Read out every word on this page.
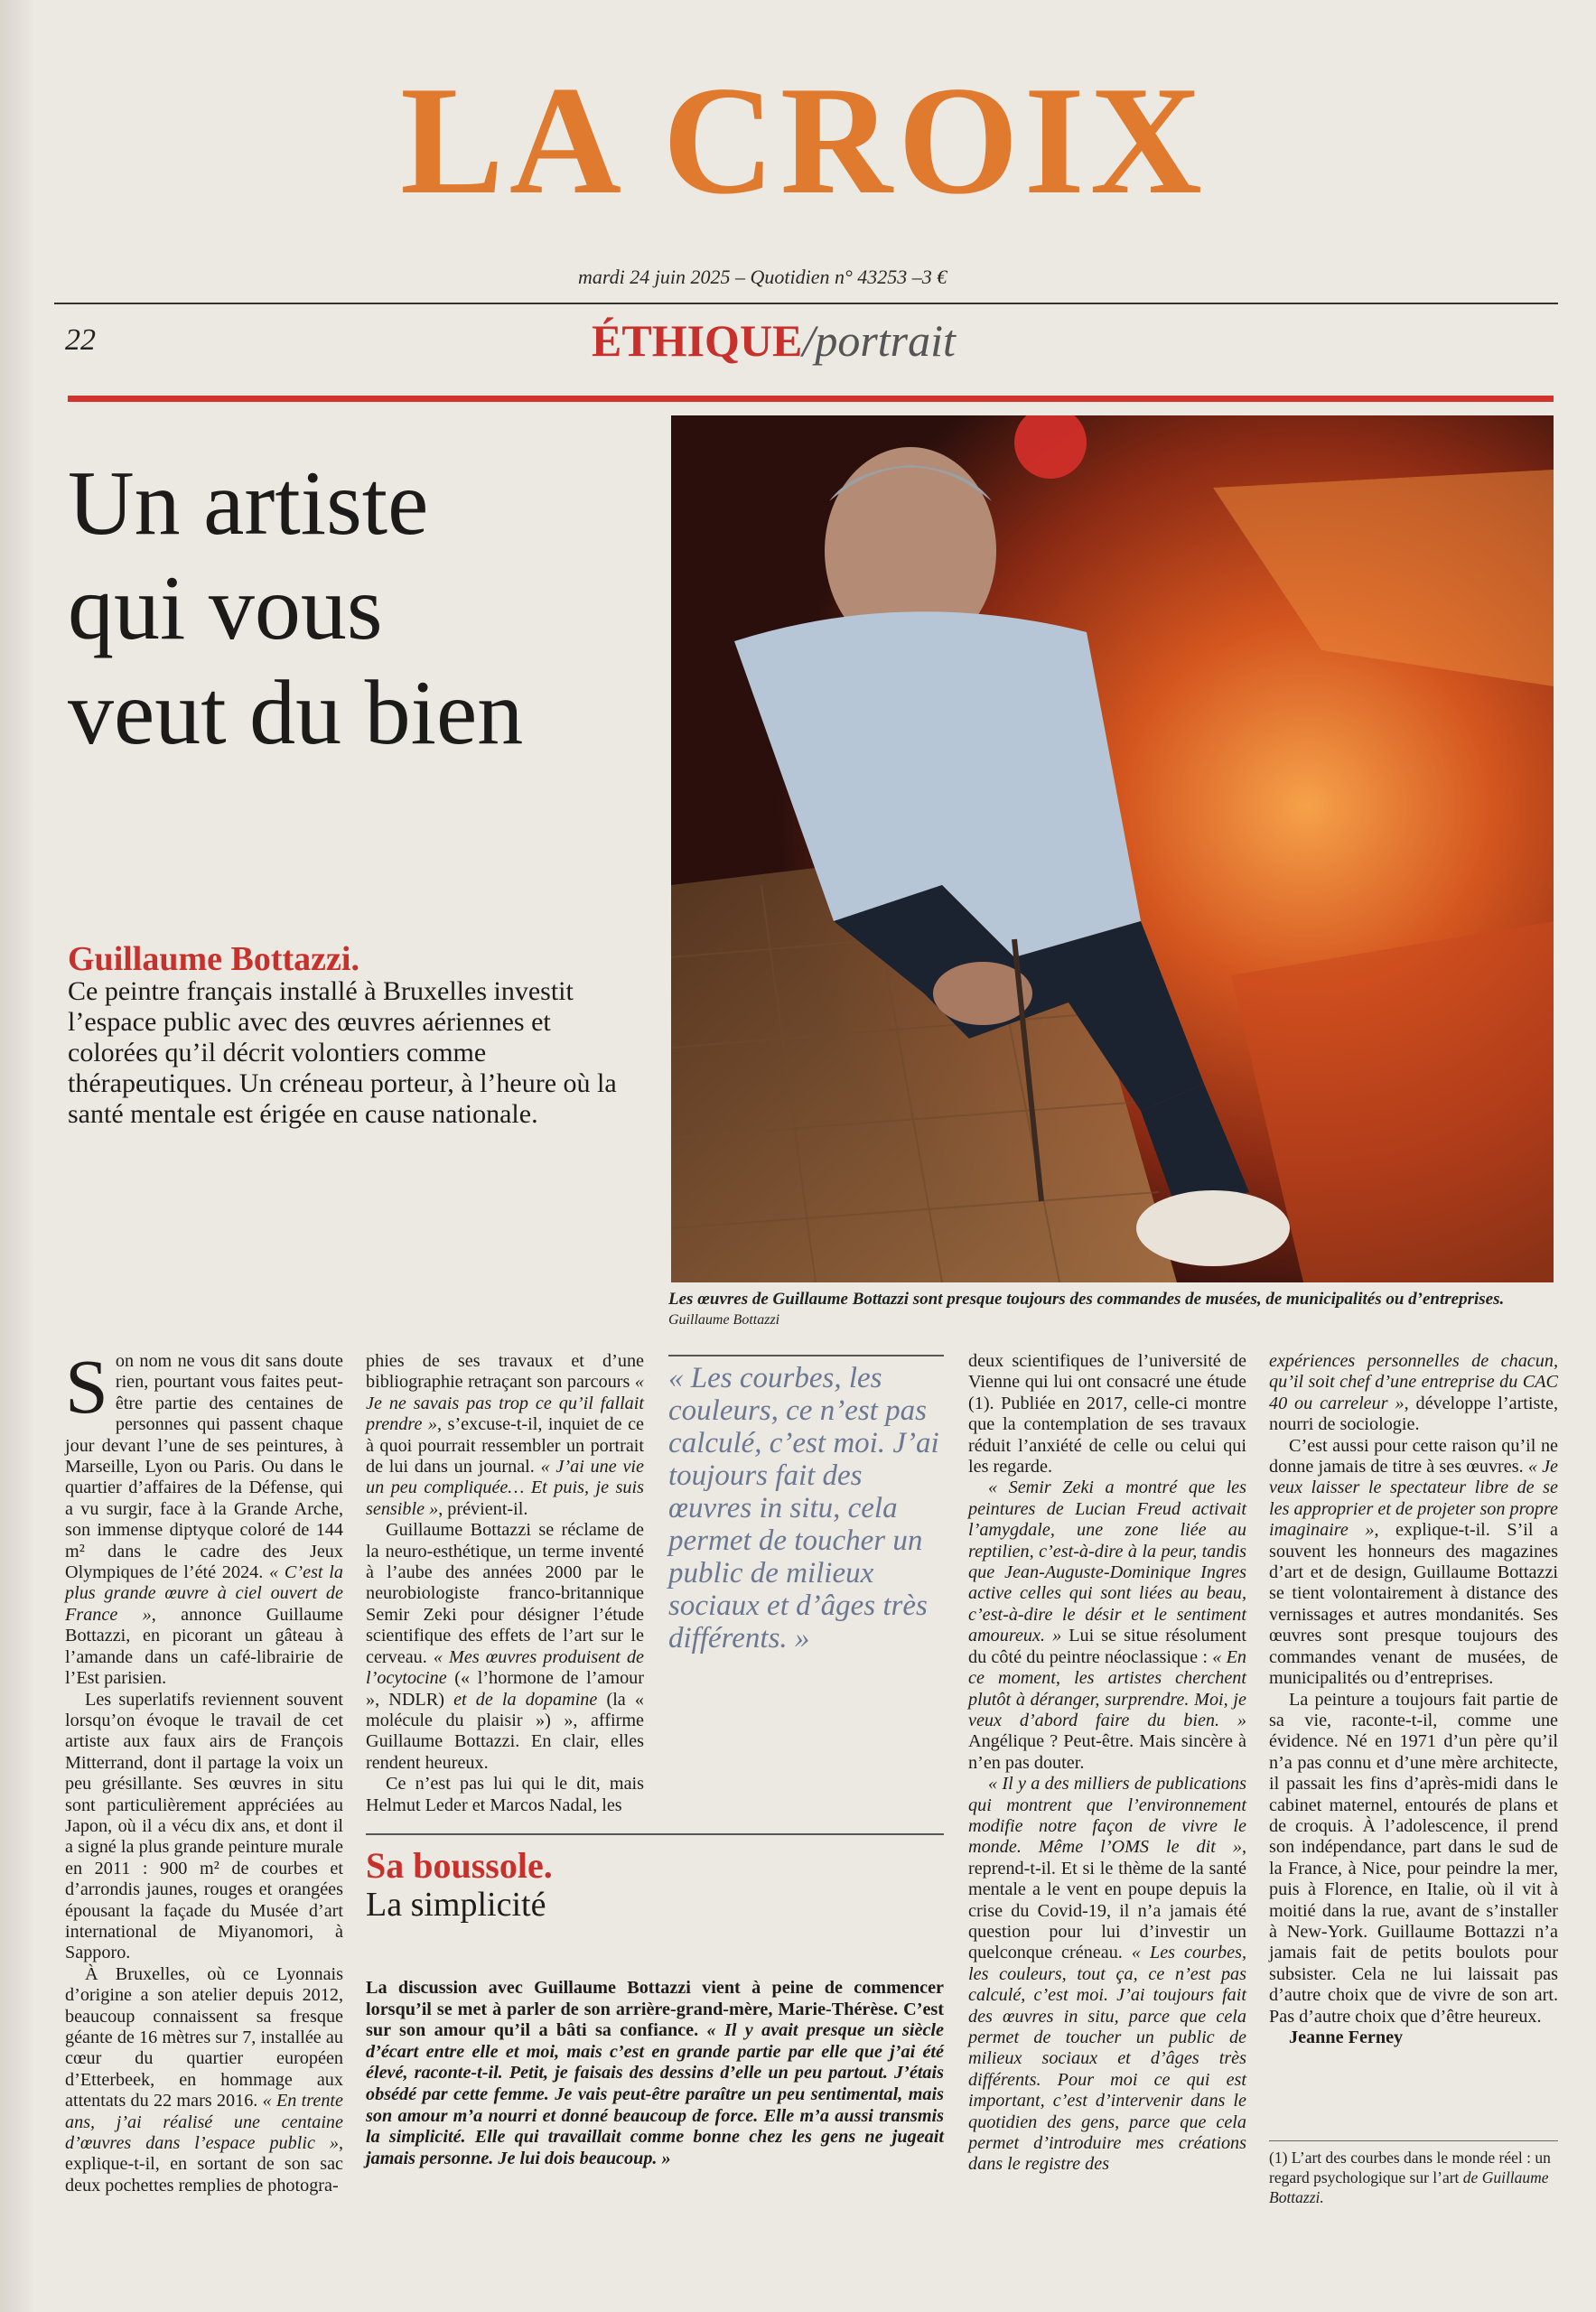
LA CROIX
mardi 24 juin 2025 – Quotidien n° 43253 –3 €
22	ÉTHIQUE/portrait
Un artiste
qui vous
veut du bien
Guillaume Bottazzi.
Ce peintre français installé à Bruxelles investit l’espace public avec des œuvres aériennes et colorées qu’il décrit volontiers comme thérapeutiques. Un créneau porteur, à l’heure où la santé mentale est érigée en cause nationale.
Les œuvres de Guillaume Bottazzi sont presque toujours des commandes de musées, de municipalités ou d’entreprises. Guillaume Bottazzi

Son nom ne vous dit sans doute rien, pourtant vous faites peut-être partie des centaines de personnes qui passent chaque jour devant l’une de ses peintures, à Marseille, Lyon ou Paris. Ou dans le quartier d’affaires de la Défense, qui a vu surgir, face à la Grande Arche, son immense diptyque coloré de 144 m² dans le cadre des Jeux Olympiques de l’été 2024. « C’est la plus grande œuvre à ciel ouvert de France », annonce Guillaume Bottazzi, en picorant un gâteau à l’amande dans un café-librairie de l’Est parisien.

Les superlatifs reviennent souvent lorsqu’on évoque le travail de cet artiste aux faux airs de François Mitterrand, dont il partage la voix un peu grésillante. Ses œuvres in situ sont particulièrement appréciées au Japon, où il a vécu dix ans, et dont il a signé la plus grande peinture murale en 2011 : 900 m² de courbes et d’arrondis jaunes, rouges et orangées épousant la façade du Musée d’art international de Miyanomori, à Sapporo.

À Bruxelles, où ce Lyonnais d’origine a son atelier depuis 2012, beaucoup connaissent sa fresque géante de 16 mètres sur 7, installée au cœur du quartier européen d’Etterbeek, en hommage aux attentats du 22 mars 2016. « En trente ans, j’ai réalisé une centaine d’œuvres dans l’espace public », explique-t-il, en sortant de son sac deux pochettes remplies de photogra-

phies de ses travaux et d’une bibliographie retraçant son parcours « Je ne savais pas trop ce qu’il fallait prendre », s’excuse-t-il, inquiet de ce à quoi pourrait ressembler un portrait de lui dans un journal. « J’ai une vie un peu compliquée… Et puis, je suis sensible », prévient-il.

Guillaume Bottazzi se réclame de la neuro-esthétique, un terme inventé à l’aube des années 2000 par le neurobiologiste franco-britannique Semir Zeki pour désigner l’étude scientifique des effets de l’art sur le cerveau. « Mes œuvres produisent de l’ocytocine (« l’hormone de l’amour », NDLR) et de la dopamine (la « molécule du plaisir ») », affirme Guillaume Bottazzi. En clair, elles rendent heureux.

Ce n’est pas lui qui le dit, mais Helmut Leder et Marcos Nadal, les

« Les courbes, les couleurs, ce n’est pas calculé, c’est moi. J’ai toujours fait des œuvres in situ, cela permet de toucher un public de milieux sociaux et d’âges très différents. »
Sa boussole.
La simplicité
La discussion avec Guillaume Bottazzi vient à peine de commencer lorsqu’il se met à parler de son arrière-grand-mère, Marie-Thérèse. C’est sur son amour qu’il a bâti sa confiance. « Il y avait presque un siècle d’écart entre elle et moi, mais c’est en grande partie par elle que j’ai été élevé, raconte-t-il. Petit, je faisais des dessins d’elle un peu partout. J’étais obsédé par cette femme. Je vais peut-être paraître un peu sentimental, mais son amour m’a nourri et donné beaucoup de force. Elle m’a aussi transmis la simplicité. Elle qui travaillait comme bonne chez les gens ne jugeait jamais personne. Je lui dois beaucoup. »

deux scientifiques de l’université de Vienne qui lui ont consacré une étude (1). Publiée en 2017, celle-ci montre que la contemplation de ses travaux réduit l’anxiété de celle ou celui qui les regarde.

« Semir Zeki a montré que les peintures de Lucian Freud activait l’amygdale, une zone liée au reptilien, c’est-à-dire à la peur, tandis que Jean-Auguste-Dominique Ingres active celles qui sont liées au beau, c’est-à-dire le désir et le sentiment amoureux. » Lui se situe résolument du côté du peintre néoclassique : « En ce moment, les artistes cherchent plutôt à déranger, surprendre. Moi, je veux d’abord faire du bien. » Angélique ? Peut-être. Mais sincère à n’en pas douter.

« Il y a des milliers de publications qui montrent que l’environnement modifie notre façon de vivre le monde. Même l’OMS le dit », reprend-t-il. Et si le thème de la santé mentale a le vent en poupe depuis la crise du Covid-19, il n’a jamais été question pour lui d’investir un quelconque créneau. « Les courbes, les couleurs, tout ça, ce n’est pas calculé, c’est moi. J’ai toujours fait des œuvres in situ, parce que cela permet de toucher un public de milieux sociaux et d’âges très différents. Pour moi ce qui est important, c’est d’intervenir dans le quotidien des gens, parce que cela permet d’introduire mes créations dans le registre des

expériences personnelles de chacun, qu’il soit chef d’une entreprise du CAC 40 ou carreleur », développe l’artiste, nourri de sociologie.

C’est aussi pour cette raison qu’il ne donne jamais de titre à ses œuvres. « Je veux laisser le spectateur libre de se les approprier et de projeter son propre imaginaire », explique-t-il. S’il a souvent les honneurs des magazines d’art et de design, Guillaume Bottazzi se tient volontairement à distance des vernissages et autres mondanités. Ses œuvres sont presque toujours des commandes venant de musées, de municipalités ou d’entreprises.

La peinture a toujours fait partie de sa vie, raconte-t-il, comme une évidence. Né en 1971 d’un père qu’il n’a pas connu et d’une mère architecte, il passait les fins d’après-midi dans le cabinet maternel, entourés de plans et de croquis. À l’adolescence, il prend son indépendance, part dans le sud de la France, à Nice, pour peindre la mer, puis à Florence, en Italie, où il vit à moitié dans la rue, avant de s’installer à New-York. Guillaume Bottazzi n’a jamais fait de petits boulots pour subsister. Cela ne lui laissait pas d’autre choix que de vivre de son art. Pas d’autre choix que d’être heureux.

Jeanne Ferney

(1) L’art des courbes dans le monde réel : un regard psychologique sur l’art de Guillaume Bottazzi.
